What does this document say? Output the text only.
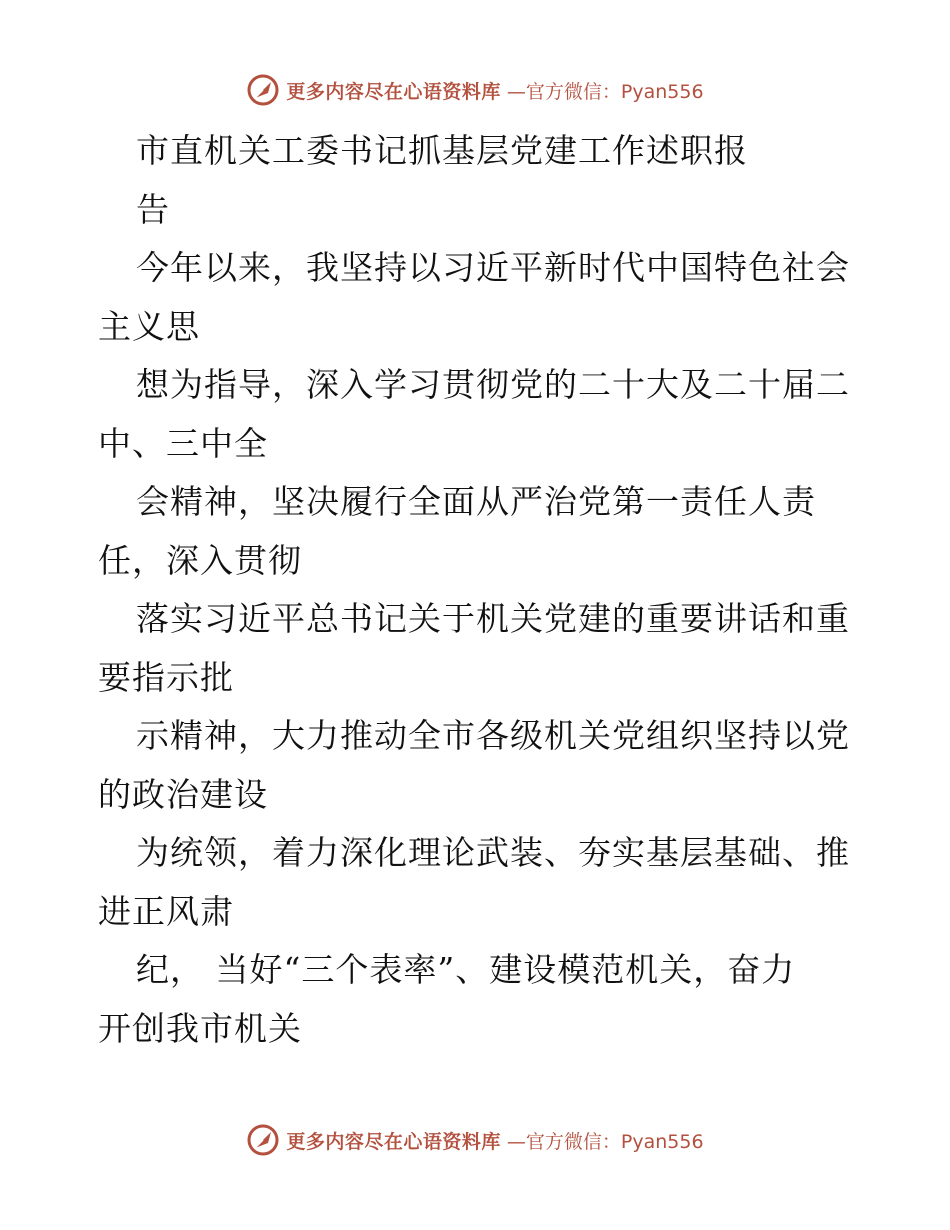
更多内容尽在心语资料库 —官方微信：Pyan556
市直机关工委书记抓基层党建工作述职报
告
今年以来，我坚持以习近平新时代中国特色社会
主义思
想为指导，深入学习贯彻党的二十大及二十届二
中、三中全
会精神，坚决履行全面从严治党第一责任人责
任，深入贯彻
落实习近平总书记关于机关党建的重要讲话和重
要指示批
示精神，大力推动全市各级机关党组织坚持以党
的政治建设
为统领，着力深化理论武装、夯实基层基础、推
进正风肃
纪， 当好“三个表率”、建设模范机关，奋力
开创我市机关
更多内容尽在心语资料库 —官方微信：Pyan556
